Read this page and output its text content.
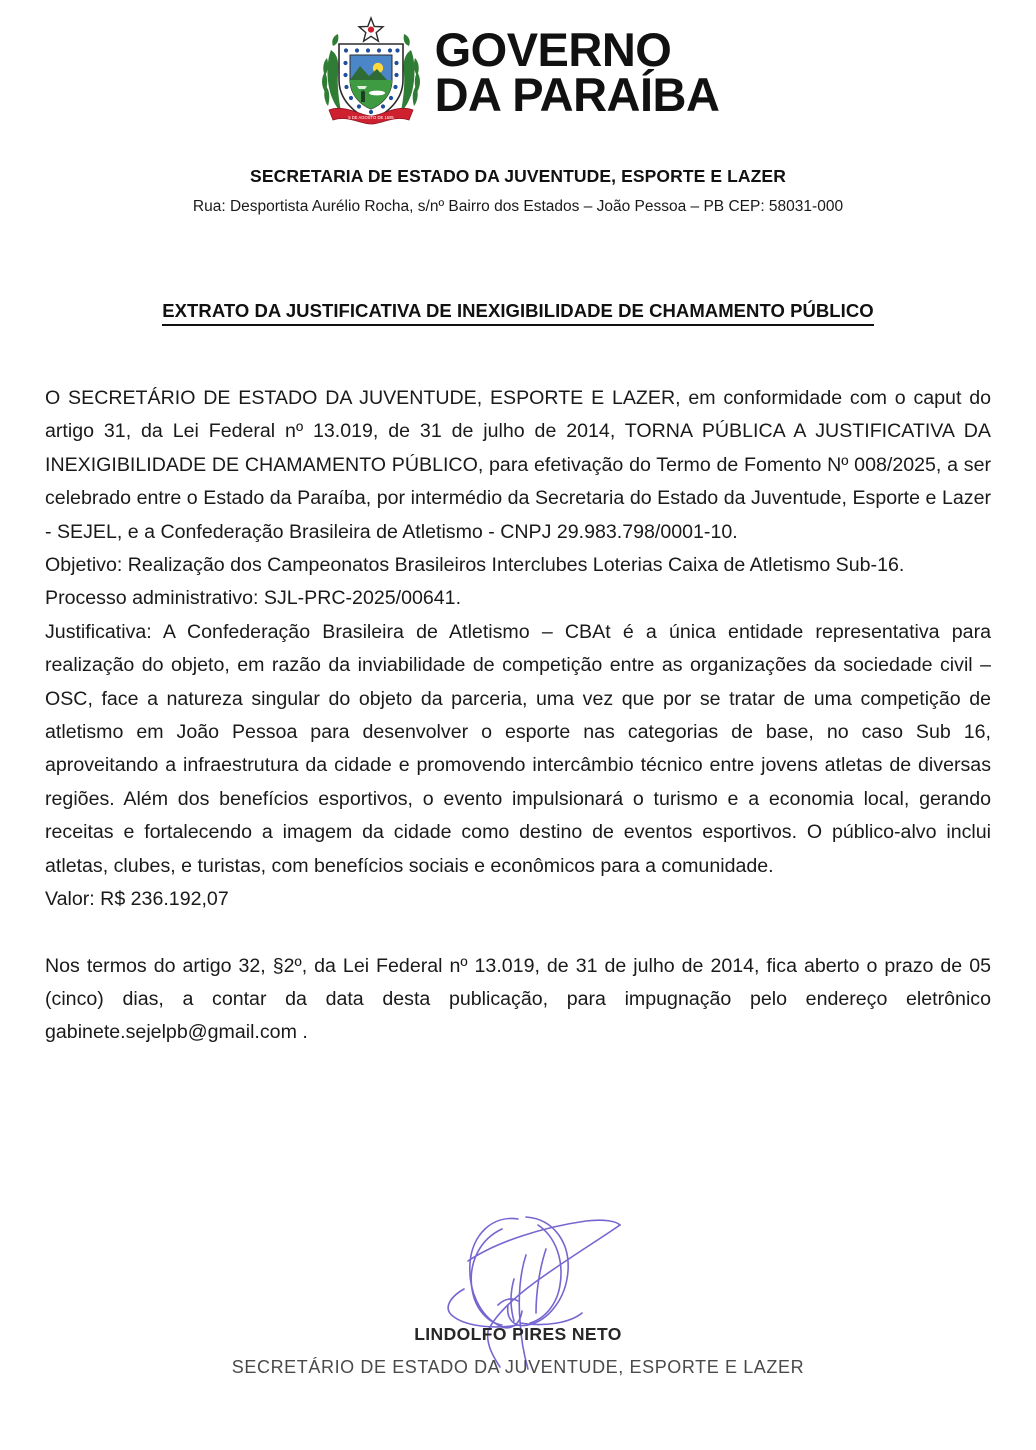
5 DE AGOSTO DE 1585
GOVERNO
DA PARAÍBA
SECRETARIA DE ESTADO DA JUVENTUDE, ESPORTE E LAZER
Rua: Desportista Aurélio Rocha, s/nº Bairro dos Estados – João Pessoa – PB CEP: 58031-000
EXTRATO DA JUSTIFICATIVA DE INEXIGIBILIDADE DE CHAMAMENTO PÚBLICO

O SECRETÁRIO DE ESTADO DA JUVENTUDE, ESPORTE E LAZER, em conformidade com o caput do artigo 31, da Lei Federal nº 13.019, de 31 de julho de 2014, TORNA PÚBLICA A JUSTIFICATIVA DA INEXIGIBILIDADE DE CHAMAMENTO PÚBLICO, para efetivação do Termo de Fomento Nº 008/2025, a ser celebrado entre o Estado da Paraíba, por intermédio da Secretaria do Estado da Juventude, Esporte e Lazer - SEJEL, e a Confederação Brasileira de Atletismo - CNPJ 29.983.798/0001-10.

Objetivo: Realização dos Campeonatos Brasileiros Interclubes Loterias Caixa de Atletismo Sub-16.

Processo administrativo: SJL-PRC-2025/00641.

Justificativa: A Confederação Brasileira de Atletismo – CBAt é a única entidade representativa para realização do objeto, em razão da inviabilidade de competição entre as organizações da sociedade civil – OSC, face a natureza singular do objeto da parceria, uma vez que por se tratar de uma competição de atletismo em João Pessoa para desenvolver o esporte nas categorias de base, no caso Sub 16, aproveitando a infraestrutura da cidade e promovendo intercâmbio técnico entre jovens atletas de diversas regiões. Além dos benefícios esportivos, o evento impulsionará o turismo e a economia local, gerando receitas e fortalecendo a imagem da cidade como destino de eventos esportivos. O público-alvo inclui atletas, clubes, e turistas, com benefícios sociais e econômicos para a comunidade.

Valor: R$ 236.192,07

Nos termos do artigo 32, §2º, da Lei Federal nº 13.019, de 31 de julho de 2014, fica aberto o prazo de 05 (cinco) dias, a contar da data desta publicação, para impugnação pelo endereço eletrônico gabinete.sejelpb@gmail.com .

LINDOLFO PIRES NETO
SECRETÁRIO DE ESTADO DA JUVENTUDE, ESPORTE E LAZER
